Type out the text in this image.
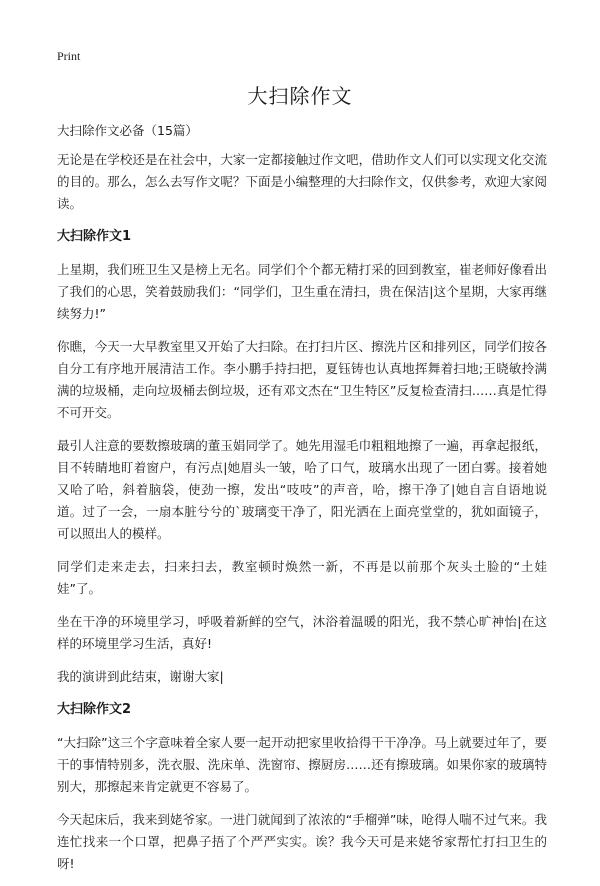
Print
大扫除作文

大扫除作文必备（15篇）

无论是在学校还是在社会中，大家一定都接触过作文吧，借助作文人们可以实现文化交流的目的。那么，怎么去写作文呢？下面是小编整理的大扫除作文，仅供参考，欢迎大家阅读。

大扫除作文1

上星期，我们班卫生又是榜上无名。同学们个个都无精打采的回到教室，崔老师好像看出了我们的心思，笑着鼓励我们：“同学们，卫生重在清扫，贵在保洁|这个星期，大家再继续努力!”

你瞧，今天一大早教室里又开始了大扫除。在打扫片区、擦洗片区和排列区，同学们按各自分工有序地开展清洁工作。李小鹏手持扫把，夏钰铸也认真地挥舞着扫地;王晓敏拎满满的垃圾桶，走向垃圾桶去倒垃圾，还有邓文杰在“卫生特区”反复检查清扫……真是忙得不可开交。

最引人注意的要数擦玻璃的董玉娟同学了。她先用湿毛巾粗粗地擦了一遍，再拿起报纸，目不转睛地盯着窗户，有污点|她眉头一皱，哈了口气，玻璃水出现了一团白雾。接着她又哈了哈，斜着脑袋，使劲一擦，发出“吱吱”的声音，哈，擦干净了|她自言自语地说道。过了一会，一扇本脏兮兮的`玻璃变干净了，阳光洒在上面亮堂堂的，犹如面镜子，可以照出人的模样。

同学们走来走去，扫来扫去，教室顿时焕然一新，不再是以前那个灰头土脸的“土娃娃”了。

坐在干净的环境里学习，呼吸着新鲜的空气，沐浴着温暖的阳光，我不禁心旷神怡|在这样的环境里学习生活，真好!

我的演讲到此结束，谢谢大家|

大扫除作文2

“大扫除”这三个字意味着全家人要一起开动把家里收拾得干干净净。马上就要过年了，要干的事情特别多，洗衣服、洗床单、洗窗帘、擦厨房……还有擦玻璃。如果你家的玻璃特别大，那擦起来肯定就更不容易了。

今天起床后，我来到姥爷家。一进门就闻到了浓浓的“手榴弹”味，呛得人喘不过气来。我连忙找来一个口罩，把鼻子捂了个严严实实。诶？我今天可是来姥爷家帮忙打扫卫生的呀!
